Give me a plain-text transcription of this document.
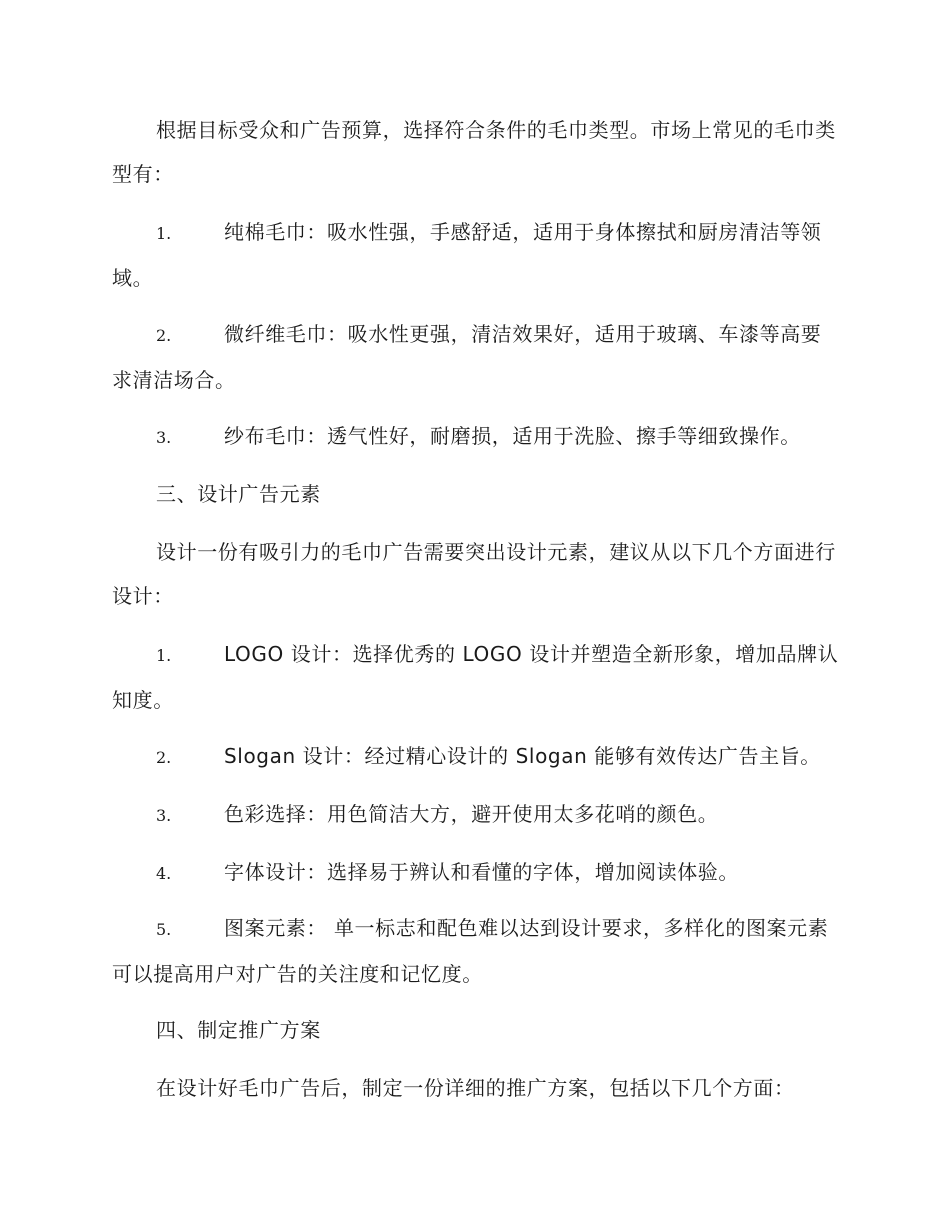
根据目标受众和广告预算，选择符合条件的毛巾类型。市场上常见的毛巾类型有：

1.	纯棉毛巾：吸水性强，手感舒适，适用于身体擦拭和厨房清洁等领域。

2.	微纤维毛巾：吸水性更强，清洁效果好，适用于玻璃、车漆等高要求清洁场合。

3.	纱布毛巾：透气性好，耐磨损，适用于洗脸、擦手等细致操作。

三、设计广告元素

设计一份有吸引力的毛巾广告需要突出设计元素，建议从以下几个方面进行设计：

1.	LOGO 设计：选择优秀的 LOGO 设计并塑造全新形象，增加品牌认知度。

2.	Slogan 设计：经过精心设计的 Slogan 能够有效传达广告主旨。

3.	色彩选择：用色简洁大方，避开使用太多花哨的颜色。

4.	字体设计：选择易于辨认和看懂的字体，增加阅读体验。

5.	图案元素： 单一标志和配色难以达到设计要求，多样化的图案元素可以提高用户对广告的关注度和记忆度。

四、制定推广方案

在设计好毛巾广告后，制定一份详细的推广方案，包括以下几个方面：
